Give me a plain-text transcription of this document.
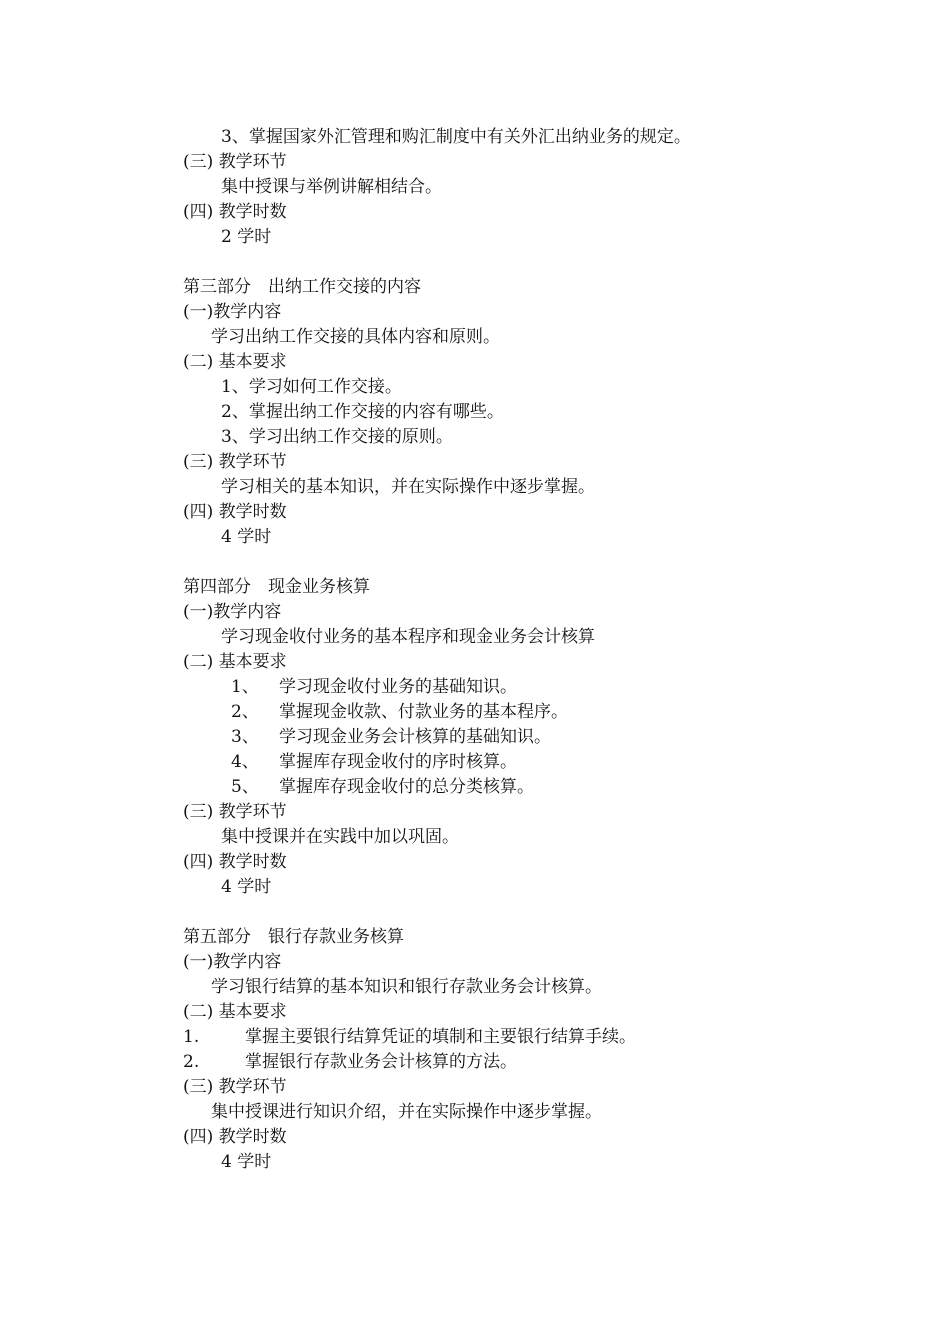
3、掌握国家外汇管理和购汇制度中有关外汇出纳业务的规定。
(三) 教学环节
集中授课与举例讲解相结合。
(四) 教学时数
2 学时
第三部分　出纳工作交接的内容
(一)教学内容
学习出纳工作交接的具体内容和原则。
(二) 基本要求
1、学习如何工作交接。
2、掌握出纳工作交接的内容有哪些。
3、学习出纳工作交接的原则。
(三) 教学环节
学习相关的基本知识，并在实际操作中逐步掌握。
(四) 教学时数
4 学时
第四部分　现金业务核算
(一)教学内容
学习现金收付业务的基本程序和现金业务会计核算
(二) 基本要求
1、 学习现金收付业务的基础知识。
2、 掌握现金收款、付款业务的基本程序。
3、 学习现金业务会计核算的基础知识。
4、 掌握库存现金收付的序时核算。
5、 掌握库存现金收付的总分类核算。
(三) 教学环节
集中授课并在实践中加以巩固。
(四) 教学时数
4 学时
第五部分　银行存款业务核算
(一)教学内容
学习银行结算的基本知识和银行存款业务会计核算。
(二) 基本要求
1.	掌握主要银行结算凭证的填制和主要银行结算手续。
2.	掌握银行存款业务会计核算的方法。
(三) 教学环节
集中授课进行知识介绍，并在实际操作中逐步掌握。
(四) 教学时数
4 学时
